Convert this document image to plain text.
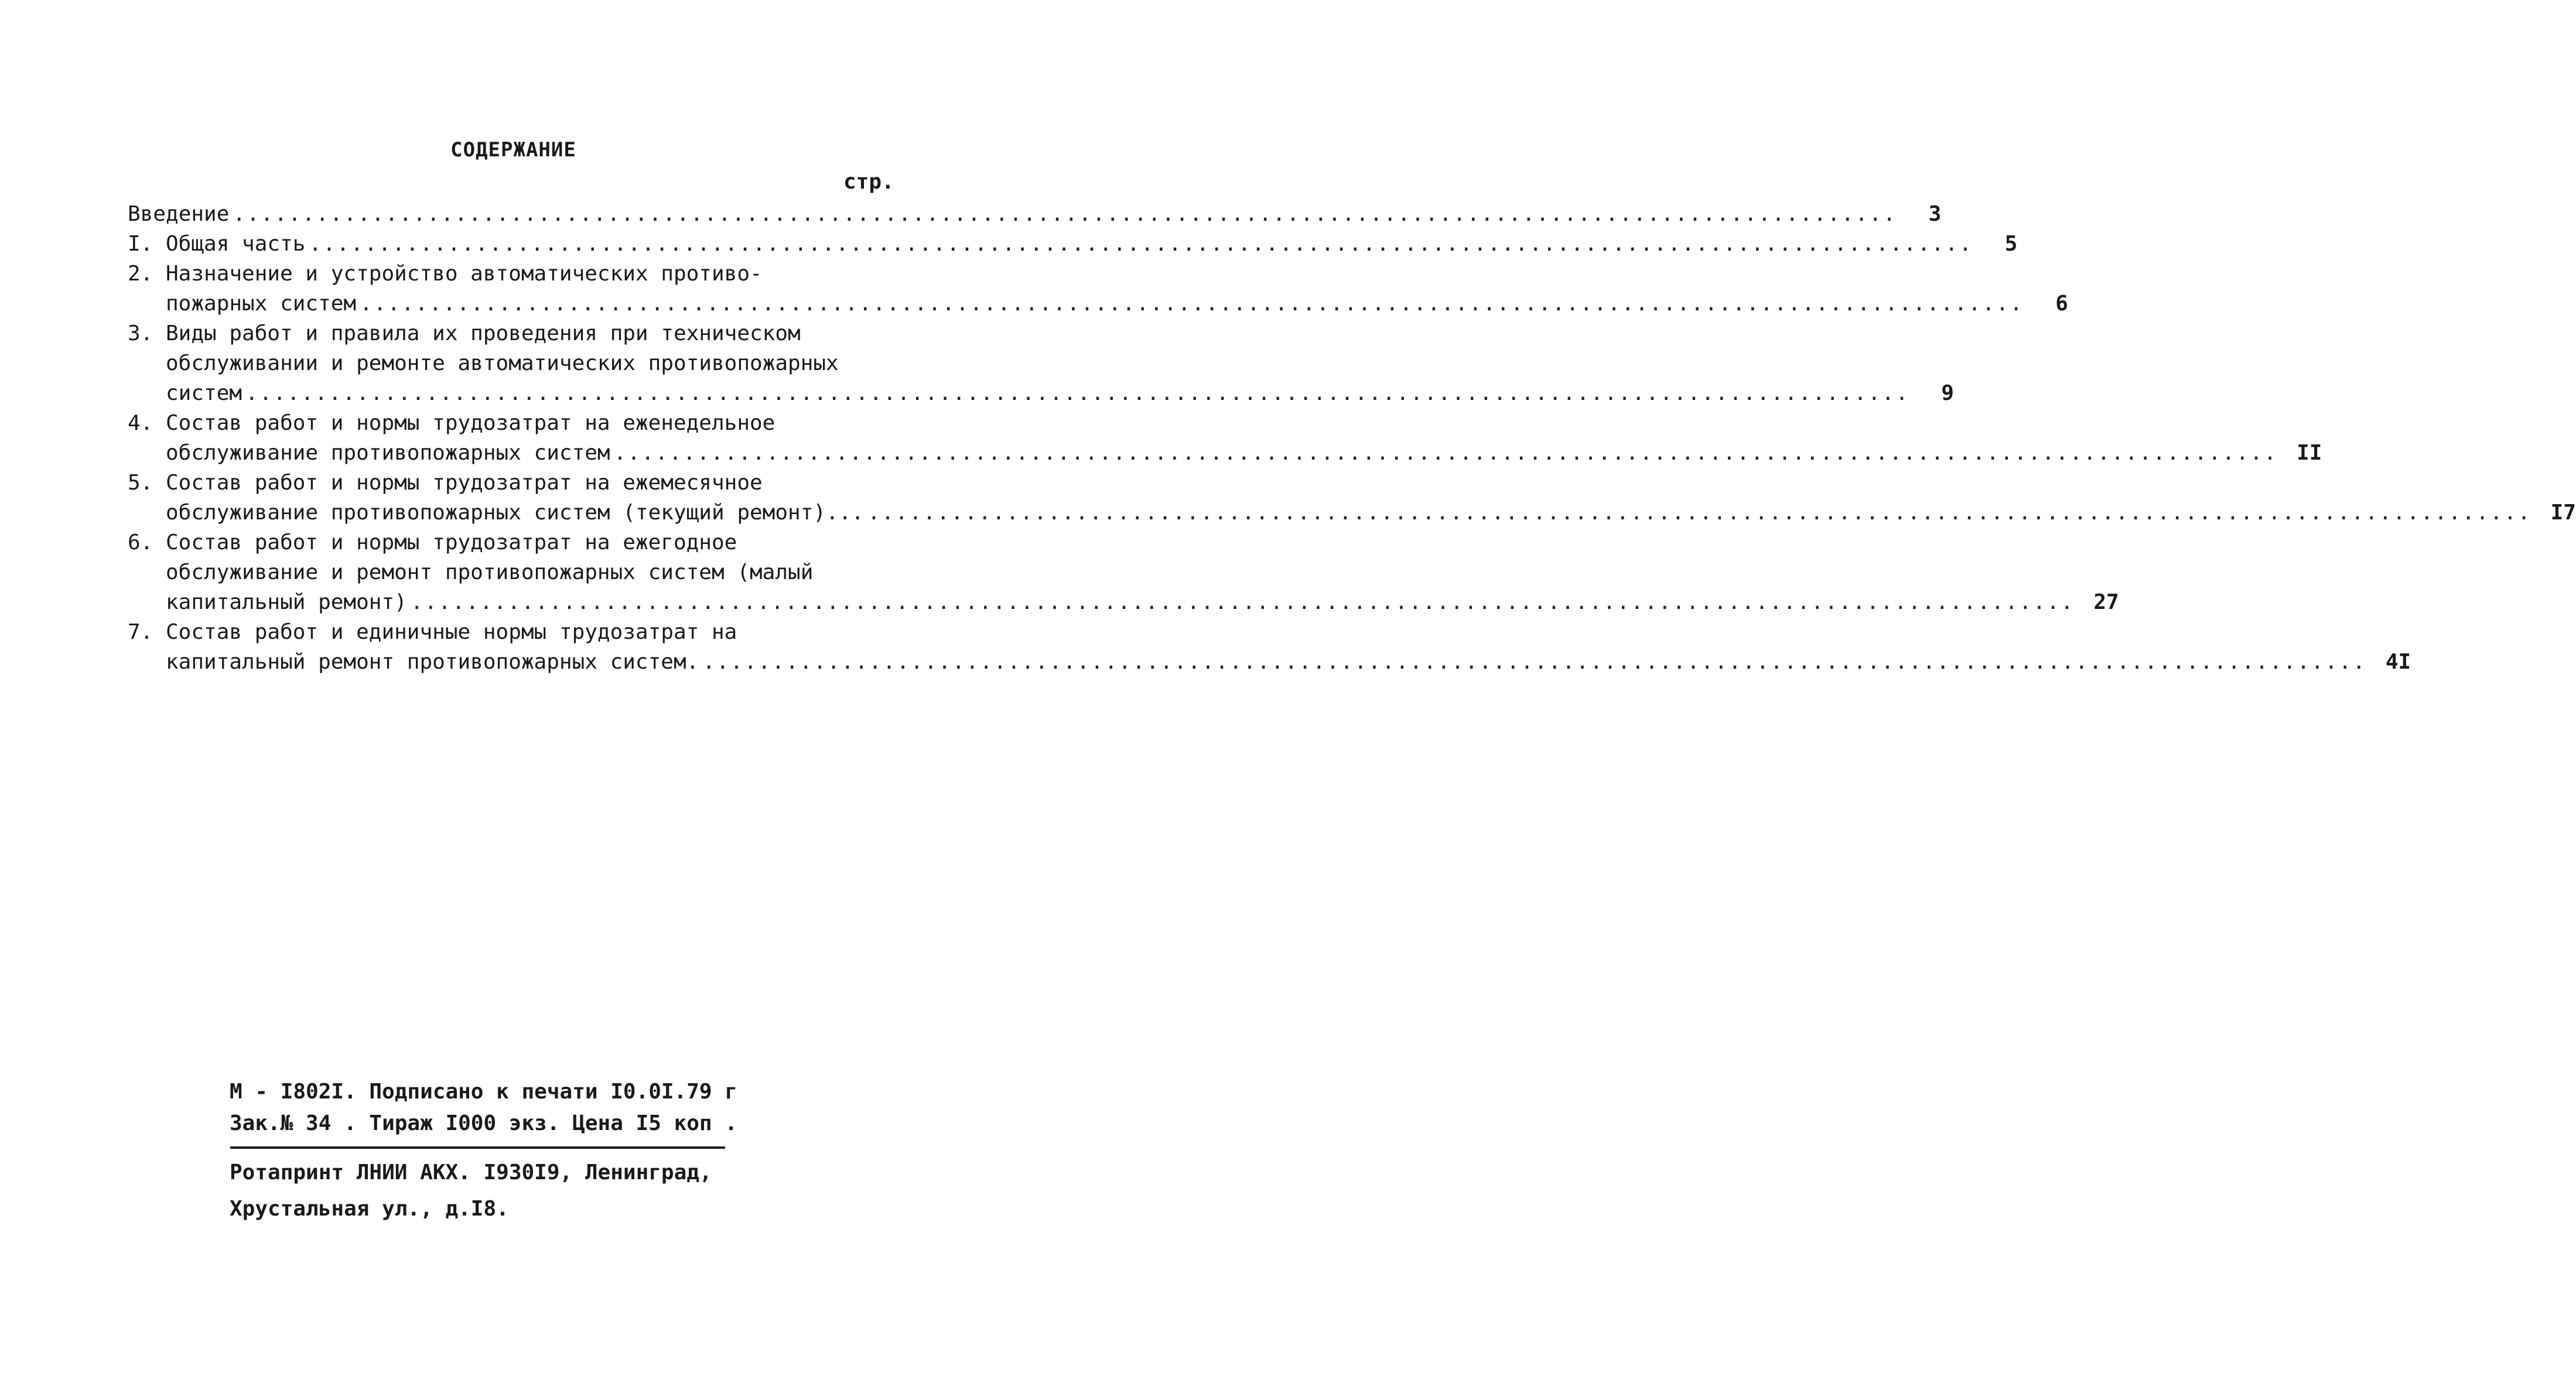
СОДЕРЖАНИЕ
стр.
Введение ........................................................................................................................	3
I. Общая часть ........................................................................................................................	5
2. Назначение и устройство автоматических противо-
пожарных систем ........................................................................................................................	6
3. Виды работ и правила их проведения при техническом
обслуживании и ремонте автоматических противопожарных
систем ........................................................................................................................	9
4. Состав работ и нормы трудозатрат на еженедельное
обслуживание противопожарных систем ........................................................................................................................ II
5. Состав работ и нормы трудозатрат на ежемесячное
обслуживание противопожарных систем (текущий ремонт)... ........................................................................................................................ I7
6. Состав работ и нормы трудозатрат на ежегодное
обслуживание и ремонт противопожарных систем (малый
капитальный ремонт) ........................................................................................................................ 27
7. Состав работ и единичные нормы трудозатрат на
капитальный ремонт противопожарных систем. ........................................................................................................................ 4I
М - I802I. Подписано к печати I0.0I.79 г
Зак.№ 34 . Тираж I000 экз. Цена I5 коп .
Ротапринт ЛНИИ АКХ. I930I9, Ленинград,
Хрустальная ул., д.I8.
